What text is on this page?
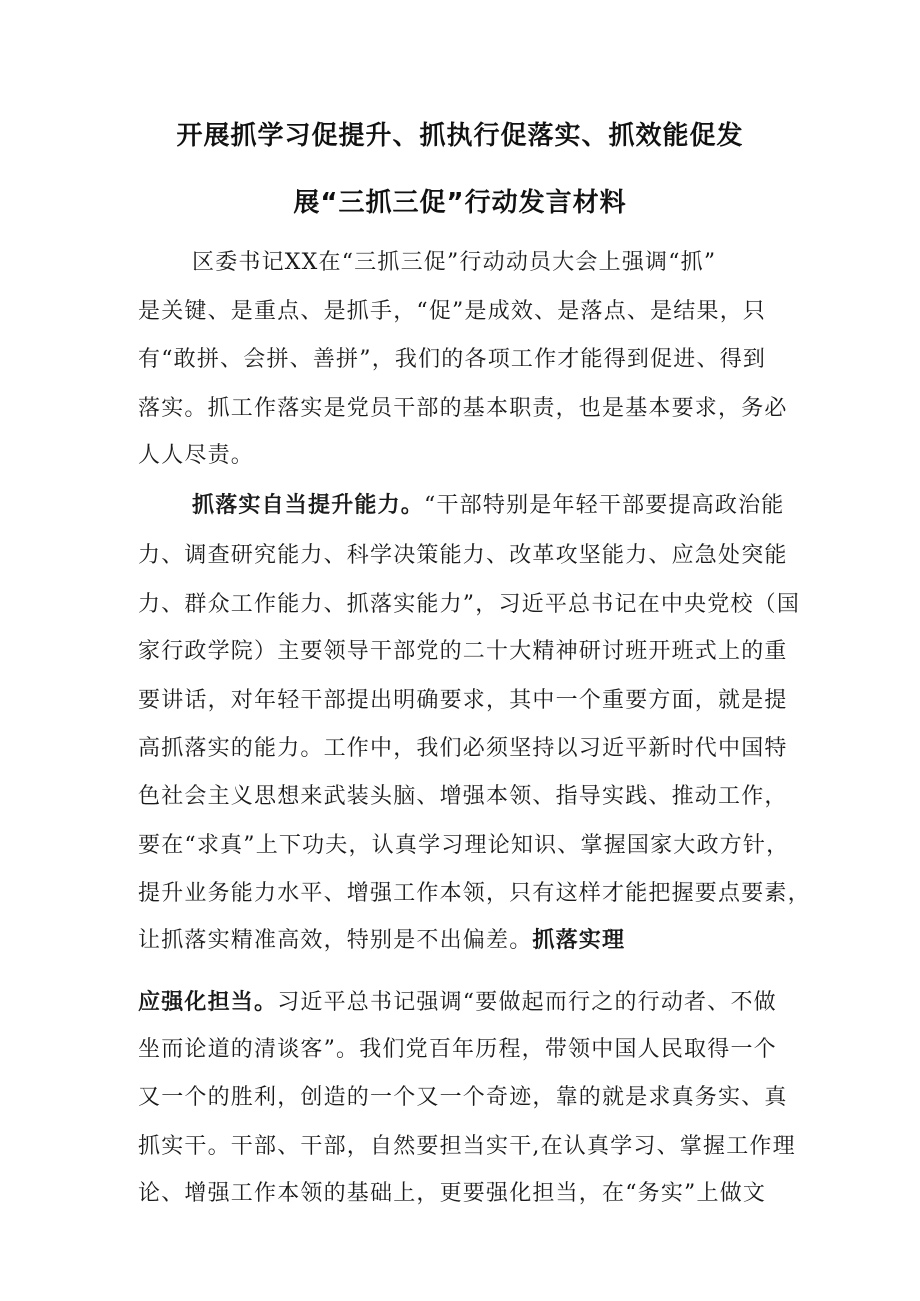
开展抓学习促提升、抓执行促落实、抓效能促发
展“三抓三促”行动发言材料
区委书记XX在“三抓三促”行动动员大会上强调“抓”
是关键、是重点、是抓手，“促”是成效、是落点、是结果，只
有“敢拼、会拼、善拼”，我们的各项工作才能得到促进、得到
落实。抓工作落实是党员干部的基本职责，也是基本要求，务必
人人尽责。
抓落实自当提升能力。“干部特别是年轻干部要提高政治能
力、调查研究能力、科学决策能力、改革攻坚能力、应急处突能
力、群众工作能力、抓落实能力”，习近平总书记在中央党校（国
家行政学院）主要领导干部党的二十大精神研讨班开班式上的重
要讲话，对年轻干部提出明确要求，其中一个重要方面，就是提
高抓落实的能力。工作中，我们必须坚持以习近平新时代中国特
色社会主义思想来武装头脑、增强本领、指导实践、推动工作，
要在“求真”上下功夫，认真学习理论知识、掌握国家大政方针，
提升业务能力水平、增强工作本领，只有这样才能把握要点要素，
让抓落实精准高效，特别是不出偏差。抓落实理
应强化担当。习近平总书记强调“要做起而行之的行动者、不做
坐而论道的清谈客”。我们党百年历程，带领中国人民取得一个
又一个的胜利，创造的一个又一个奇迹，靠的就是求真务实、真
抓实干。干部、干部，自然要担当实干,在认真学习、掌握工作理
论、增强工作本领的基础上，更要强化担当，在“务实”上做文
